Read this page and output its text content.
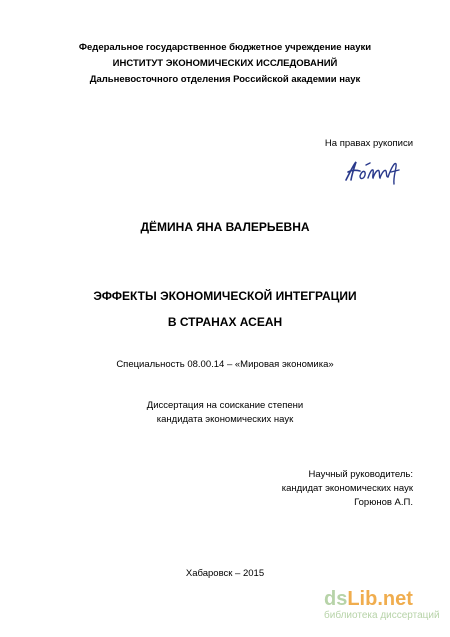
Федеральное государственное бюджетное учреждение науки
ИНСТИТУТ ЭКОНОМИЧЕСКИХ ИССЛЕДОВАНИЙ
Дальневосточного отделения Российской академии наук
На правах рукописи
ДЁМИНА ЯНА ВАЛЕРЬЕВНА
ЭФФЕКТЫ ЭКОНОМИЧЕСКОЙ ИНТЕГРАЦИИ
В СТРАНАХ АСЕАН
Специальность 08.00.14 – «Мировая экономика»
Диссертация на соискание степени
кандидата экономических наук
Научный руководитель:
кандидат экономических наук
Горюнов А.П.
Хабаровск – 2015
dsLib.net
библиотека диссертаций
